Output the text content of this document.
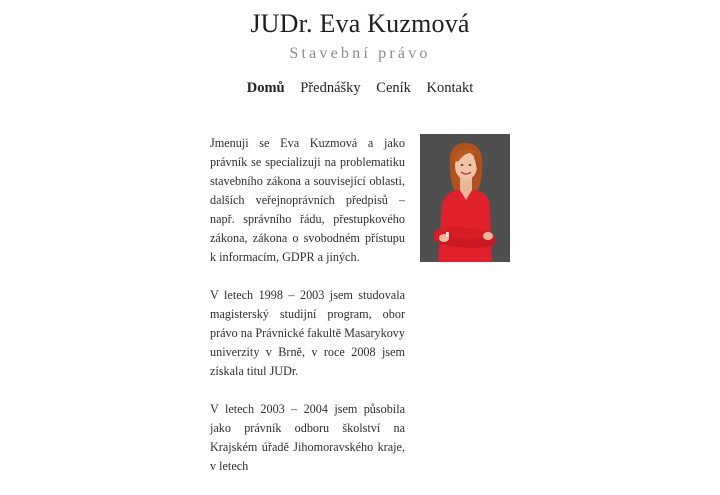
JUDr. Eva Kuzmová
Stavební právo
Domů Přednášky Ceník Kontakt

Jmenuji se Eva Kuzmová a jako právník se specializuji na problematiku stavebního zákona a související oblasti, dalších veřejnoprávních předpisů – např. správního řádu, přestupkového zákona, zákona o svobodném přístupu k informacím, GDPR a jiných.

V letech 1998 – 2003 jsem studovala magisterský studijní program, obor právo na Právnické fakultě Masarykovy univerzity v Brně, v roce 2008 jsem získala titul JUDr.

V letech 2003 – 2004 jsem působila jako právník odboru školství na Krajském úřadě Jihomoravského kraje, v letech
